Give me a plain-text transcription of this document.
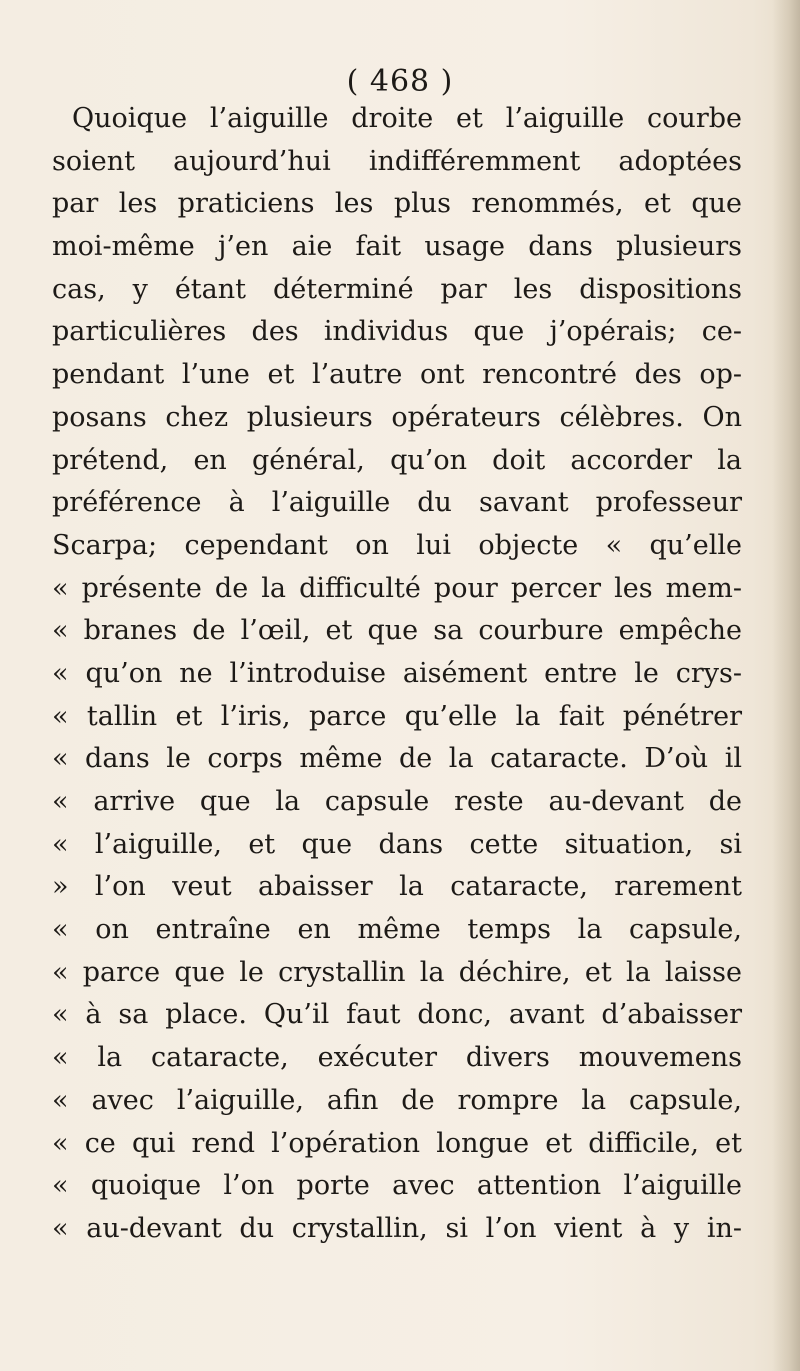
( 468 )
Quoique l’aiguille droite et l’aiguille courbe
soient aujourd’hui indifféremment adoptées
par les praticiens les plus renommés, et que
moi-même j’en aie fait usage dans plusieurs
cas, y étant déterminé par les dispositions
particulières des individus que j’opérais; ce-
pendant l’une et l’autre ont rencontré des op-
posans chez plusieurs opérateurs célèbres. On
prétend, en général, qu’on doit accorder la
préférence à l’aiguille du savant professeur
Scarpa; cependant on lui objecte « qu’elle
« présente de la difficulté pour percer les mem-
« branes de l’œil, et que sa courbure empêche
« qu’on ne l’introduise aisément entre le crys-
« tallin et l’iris, parce qu’elle la fait pénétrer
« dans le corps même de la cataracte. D’où il
« arrive que la capsule reste au-devant de
« l’aiguille, et que dans cette situation, si
» l’on veut abaisser la cataracte, rarement
« on entraîne en même temps la capsule,
« parce que le crystallin la déchire, et la laisse
« à sa place. Qu’il faut donc, avant d’abaisser
« la cataracte, exécuter divers mouvemens
« avec l’aiguille, afin de rompre la capsule,
« ce qui rend l’opération longue et difficile, et
« quoique l’on porte avec attention l’aiguille
« au-devant du crystallin, si l’on vient à y in-
